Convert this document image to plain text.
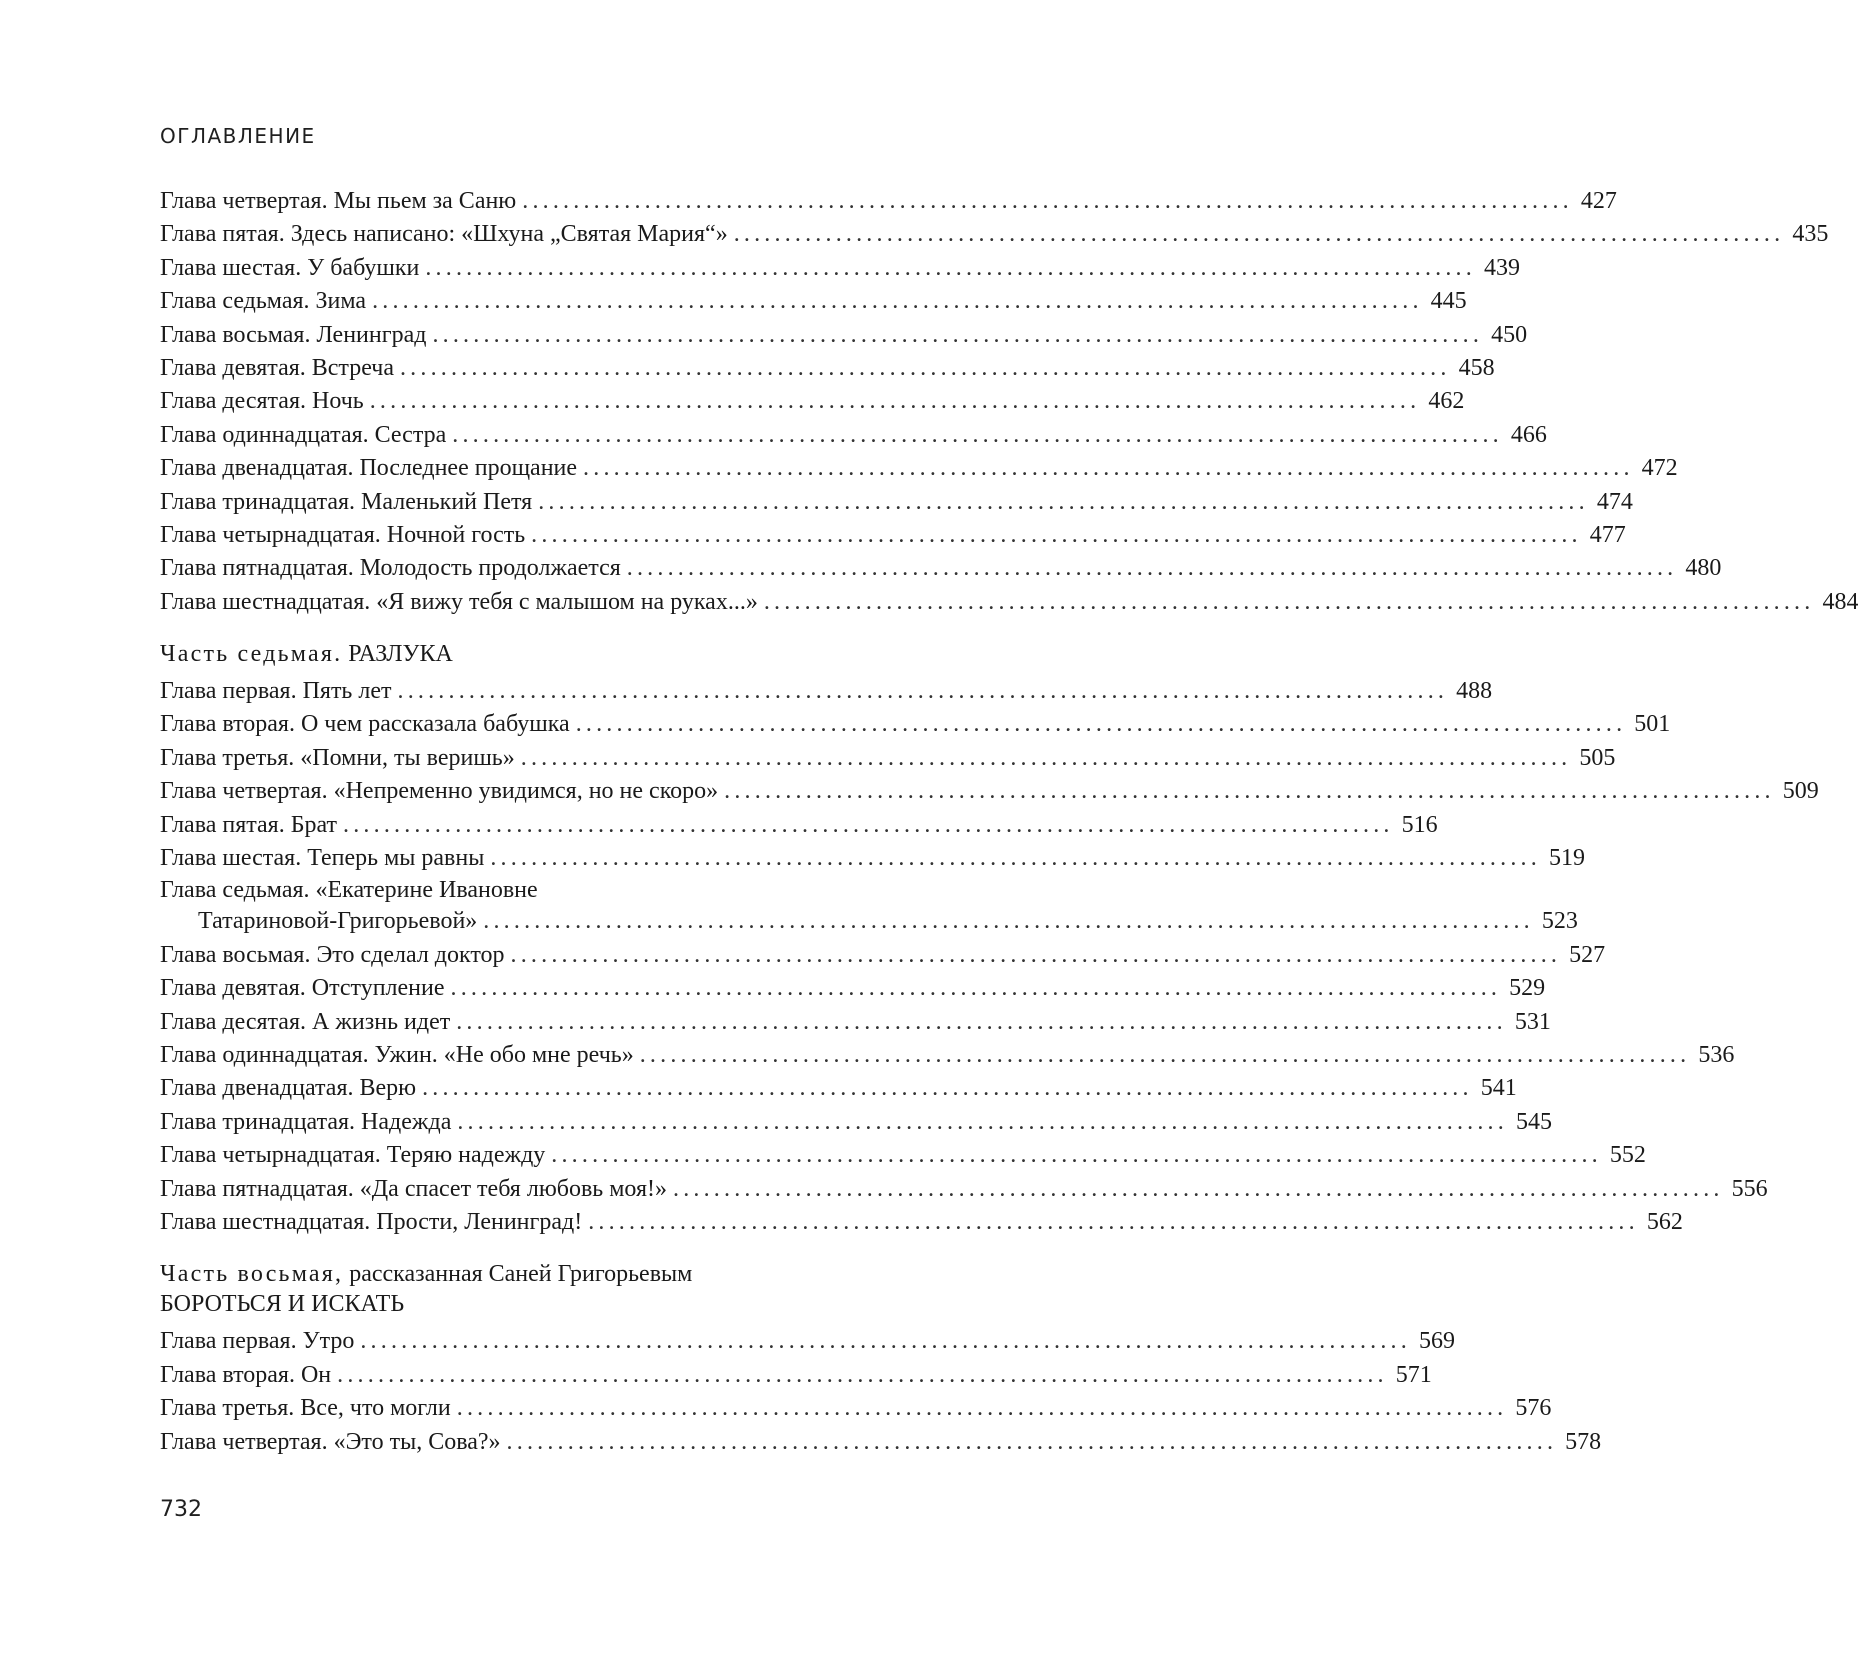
ОГЛАВЛЕНИЕ
Глава четвертая. Мы пьем за Саню ....................................................................................................... 427
Глава пятая. Здесь написано: «Шхуна „Святая Мария“» ....................................................................................................... 435
Глава шестая. У бабушки ....................................................................................................... 439
Глава седьмая. Зима ....................................................................................................... 445
Глава восьмая. Ленинград ....................................................................................................... 450
Глава девятая. Встреча ....................................................................................................... 458
Глава десятая. Ночь ....................................................................................................... 462
Глава одиннадцатая. Сестра ....................................................................................................... 466
Глава двенадцатая. Последнее прощание ....................................................................................................... 472
Глава тринадцатая. Маленький Петя ....................................................................................................... 474
Глава четырнадцатая. Ночной гость ....................................................................................................... 477
Глава пятнадцатая. Молодость продолжается ....................................................................................................... 480
Глава шестнадцатая. «Я вижу тебя с малышом на руках...» ....................................................................................................... 484
Часть седьмая. РАЗЛУКА
Глава первая. Пять лет ....................................................................................................... 488
Глава вторая. О чем рассказала бабушка ....................................................................................................... 501
Глава третья. «Помни, ты веришь» ....................................................................................................... 505
Глава четвертая. «Непременно увидимся, но не скоро» ....................................................................................................... 509
Глава пятая. Брат ....................................................................................................... 516
Глава шестая. Теперь мы равны ....................................................................................................... 519
Глава седьмая. «Екатерине Ивановне
Татариновой-Григорьевой» ....................................................................................................... 523
Глава восьмая. Это сделал доктор ....................................................................................................... 527
Глава девятая. Отступление ....................................................................................................... 529
Глава десятая. А жизнь идет ....................................................................................................... 531
Глава одиннадцатая. Ужин. «Не обо мне речь» ....................................................................................................... 536
Глава двенадцатая. Верю ....................................................................................................... 541
Глава тринадцатая. Надежда ....................................................................................................... 545
Глава четырнадцатая. Теряю надежду ....................................................................................................... 552
Глава пятнадцатая. «Да спасет тебя любовь моя!» ....................................................................................................... 556
Глава шестнадцатая. Прости, Ленинград! ....................................................................................................... 562
Часть восьмая, рассказанная Саней Григорьевым
БОРОТЬСЯ И ИСКАТЬ
Глава первая. Утро ....................................................................................................... 569
Глава вторая. Он ....................................................................................................... 571
Глава третья. Все, что могли ....................................................................................................... 576
Глава четвертая. «Это ты, Сова?» ....................................................................................................... 578
732
